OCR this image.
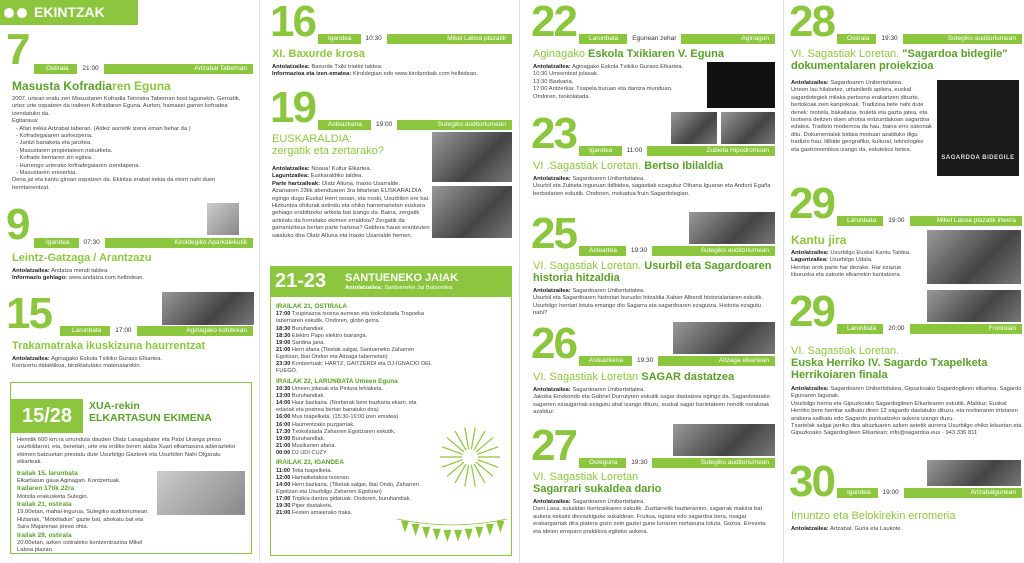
EKINTZAK
7	Ostirala	21:00	Artzabal Tabernan
Masusta Kofradiaren Eguna
2007. urtean eratu zen Masustaren Kofradia Teirristra Tabernan bost lagunekin. Geroztik, urtez urte ospatzen da iraileen Kofradiaren Eguna. Aurten, hamasei garren kofradea izendatuko da.
Egitaraua:
- Afari irekia Artzabal taberan. (Aldez aurretik izena eman behar da.)
- Kofradegaiaren aurkezpena.
- Jantzi banaketa eta janztea.
- Masustaren propietateen irakurketa.
- Kofrade berriaren zin egitea.
- Hurrengo urterako kofradegaiaren izendapena.
- Masustaren ereserkia.
Dena jai eta kantu giroan ospatzen da. Ekintza erabat irekia da etorri nahi duen herritarrentzat.
9	Igandea	07:30	Kiroldegiko Aparkalekutik
Leintz-Gatzaga / Arantzazu
Antolatzailea: Andatza mendi taldea.
Informazio gehiago: www.andatza.com helbidean.
15	Larunbata	17:00	Aginagako ludotekan
Trakamatraka ikuskizuna haurrentzat
Antolatzailea: Aginagako Eskola Txikiko Guraso Elkartea.
Kontzertu didaktikoa, birziklatutako materialarekin.
15/28 XUA-rekin
ELKARTASUN EKIMENA
Hemitik 600 km.ra urrunduta dauden Olatz Lasagabater eta Patxi Uranga preso usurbildarrei, eta, benetan, urte eta erdiko beren alaba Xuari elkartasuna adierazteko ekimen batzuetan prestatu dute Usurbilgo Gazteek eta Usurbilen Nahi Olgaratu elkarteak.
Irailak 15, larunbata
Elkartasun gaua Aginagan. Kontzertuak.
Irailaren 17tik 22ra
Motxila erakusketa Sutegin.
Irailak 21, ostirala
19.00etan, mahai-ingurua, Sutegiko auditoriumean. Hizlariak, "Motxiladun" gazte bat, abokatu bat eta Sara Majarenas preso ohia.
Irailak 28, ostirala
20.00etan, azken ostiraleko kontzentrazioa Mikel Laboa plazan.
16	Igandea	10:30	Mikel Laboa plazatik
XI. Baxurde krosa
Antolatzailea: Baxurde Txiki triatloi taldea.
Informazioa eta izen-ematea: Kiroldegian edo www.kirolprobak.com helbidean.
19	Asteazkena	19:00	Sutegiko auditoriumean
EUSKARALDIA:
zergatik eta zertarako?
Antolatzailea: Noaua! Kultur Elkartea.
Laguntzailea: Euskaraldiko taldea.
Parte hartzaileak: Olatz Altuna, Inaxio Usarralde.
Azaroaren 23tik abenduaren 3ra bitartean EUSKARALDIA egingo dugu Euskal Herri osoan, eta noski, Usurbilen ere bai. Hizkuntza ohiturak astindu eta ohiko harremanetan euskara gehiago erabiltzeko ariketa bat izango da. Baina, zergatik antolatu da horrelako ekimen erraldoia? Zergatik da garrantzitsua bertan parte hartzea? Galdera hauei erantzuten saiatuko dira Olatz Altuna eta Inaxio Usarralde hemen.
21-23 SANTUENEKO JAIAK
Antolatzailea: Santueneko Jai Batzordea
IRAILAK 21, OSTIRALA
17:00 Txupinazoa txosna aurrean eta txokolatada Tragoeka tabernaren eskutik. Ondoren, globo gerra.
18:30 Buruhandiak.
18:30 Elektro Papo elektro txaranga.
19:00 Sardina jana.
21:00 Herri afaria (Tiketak salgai, Santueneko Zaharren Egoitzan, Ibai Ondon eta Aitzaga tabernetan)
23:30 Kontzertuak: HARTZ, GAITZERDI eta DJ-IGNACIO DEL FUEGO.
IRAILAK 22, LARUNBATA Umeen Eguna
10:30 Umeen jolasak eta Pintura lehiaketa.
13:00 Buruhandiak.
14:00 Haur bazkaria. (Norberak bere bazkaria ekarri, eta edariak eta postrea bertan banatuko dira)
16:00 Mus txapelketa. (15:30-16:00 izen ematea)
16:00 Haurrentzako puzgarriak.
17:30 Txokolatada Zaharren Egoitzaren eskutik.
19:00 Buruhandiak.
21:00 Musikarien afaria.
00:00 DJ UDI CUZY
IRAILAK 23, IGANDEA
11:00 Toka txapelketa.
12:00 Hamaiketakoa txosnan.
14:00 Herri bazkaria. (Tiketak salgai, Ibai Ondo, Zaharren Egoitzan eta Usurbilgo Zaharren Egoitzan)
17:00 Tripikia dantza gidatuak. Ondoren, buruhandiak.
19:30 Piper dastaketa.
21:00 Festen amaierako traka.
22	Larunbata	Egunean zehar	Aginagan
Aginagako Eskola Txikiaren V. Eguna
Antolatzailea: Aginagako Eskola Txikiko Guraso Elkartea.
10:30 Umeentzat jolasak.
13:30 Bazkaria.
17:00 Antzerkia: Txapela buruan eta dantza munduan.
Ondoren, txokolatada.
23	Igandea	11:00	Zubieta Hipodromoan
VI .Sagastiak Loretan. Bertso Ibilaldia
Antolatzailea: Sagardoaren Unibertsitatea.
Usurbil eta Zubieta inguruan ibilbidea, sagastiak ezagutuz Oihana Iguaran eta Andoni Egaña bertsolarien eskutik. Ondoren, mokadua fruin Sagardotegian.
25	Asteartea	19:30	Sutegiko auditoriumean
VI. Sagastiak Loretan. Usurbil eta Sagardoaren historia hitzaldia
Antolatzailea: Sagardoaren Unibertsitatea.
Usurbil eta Sagardoaren historiari buruzko hitzaldia Xabier Alberdi historialariaren eskutik. Usurbilgo herriari lotuta emango dio Sagarra eta sagardoaren ezagutza. Historia ezagutu nahi?
26	Asteazkena	19:30	Aitzaga elkartean
VI. Sagastiak Loretan SAGAR dastatzea
Antolatzailea: Sagardoaren Unibertsitatea.
Jakoba Errekondo eta Gabriel Durrutyren eskutik sagar dastatzea egingo da. Sagardotarako sagarren ezaugarriak ezagutu ahal izango dituzu, euskal sagar barietateen nondik norakoak azalduz.
27	Osteguna	19:30	Sutegiko auditoriumean
VI. Sagastiak Loretan
Sagarrari sukaldea dario
Antolatzailea: Sagardoaren Unibertsitatea.
Dani Lasa, sukaldari ikertzailearen eskutik. Zuzitarretik haziterairino, sagarrak makina bat aukera eskaini diezazkiguke sukaldean. Fruitua, ogiana edo sagardoa bera, osagai erakargarriak dira platera gozo zein gaziei gune lurraren nortasuna lotuta. Gozoa. Errezeta eta ideien erreparo praktikoa egiteko aukera.
28	Ostirala	19:30	Sutegiko auditoriumean
VI. Sagastiak Loretan. "Sagardoa bidegile" dokumentalaren proiekzioa
Antolatzailea: Sagardoaren Unibertsitatea.
Urteen lau hilabetez, urtainilerik apilera, euskal sagardotegiek milaka pertsona erakartzen dituzte, bertokoak zein kanpokoak. Tradizioa bete nahi dute denek: txotxila, bakailaoa, txuleta eta gazta jatea, eta txotxera deitzen duen ahotsa entzundakoan sagardoa edatea. Tradizio modernoa da hau, baina erro sakonak ditu. Dokumentalak bidaia moduan azalduko digu tradizio hau: lilibide geografiko, kultural, teknologiko eta gastronomikoa izango da, estutekoz betea.
SAGARDOA BIDEGILE
29	Larunbata	19:00	Mikel Laboa plazatik irteera
Kantu jira
Antolatzailea: Usurbilgo Euskal Kantu Taldea.
Laguntzailea: Usurbilgo Udala.
Herritar orok parte har dezake. Har ezazue liburuxka eta zatozte elkarrekin kantatzera.
29	Larunbata	20:00	Frontoian
VI. Sagastiak Loretan.
Euska Herriko IV. Sagardo Txapelketa Herrikoiaren finala
Antolatzailea: Sagardoaren Unibertsitatea, Gipuzkoako Sagardogileen elkartea, Sagardo Egunaren lagunak.
Usurbilgo herria eta Gipuzkoako Sagardogileen Elkartearen eskutik. Afalduz; Euskal Herriko bere herritar sailkatu diren 12 sagardo dastatuko dituzu, eta norberaren iritziaren arabera sailkatu edo Sagardo puntuatzeko aukera izango duzu.
Txartelak salgai jarriko dira abuztuaren azken astetik aurrera Usurbilgo ohiko lekuetan eta Gipuzkoako Sagardogileen Elkartean: info@sagardoa.eus · 943 336 811
30	Igandea	19:00	Artzabalgunean
Imuntzo eta Belokirekin erromeria
Antolatzailea: Artzabal, Guria eta Laukote.
